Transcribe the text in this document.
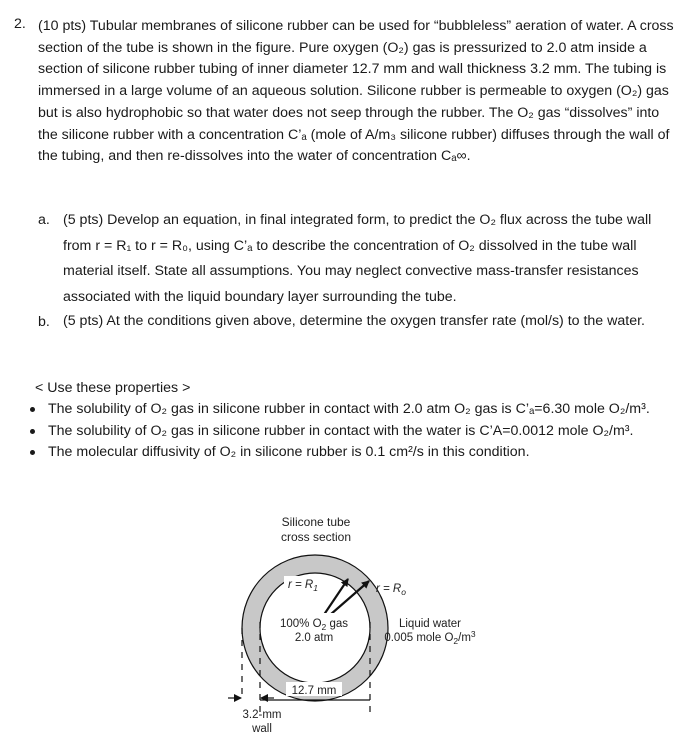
2. (10 pts) Tubular membranes of silicone rubber can be used for “bubbleless” aeration of water. A cross section of the tube is shown in the figure. Pure oxygen (O₂) gas is pressurized to 2.0 atm inside a section of silicone rubber tubing of inner diameter 12.7 mm and wall thickness 3.2 mm. The tubing is immersed in a large volume of an aqueous solution. Silicone rubber is permeable to oxygen (O₂) gas but is also hydrophobic so that water does not seep through the rubber. The O₂ gas “dissolves” into the silicone rubber with a concentration C’ₐ (mole of A/m₃ silicone rubber) diffuses through the wall of the tubing, and then re-dissolves into the water of concentration Cₐ∞.
a. (5 pts) Develop an equation, in final integrated form, to predict the O₂ flux across the tube wall from r = R₁ to r = R₀, using C’ₐ to describe the concentration of O₂ dissolved in the tube wall material itself. State all assumptions. You may neglect convective mass-transfer resistances associated with the liquid boundary layer surrounding the tube.
b. (5 pts) At the conditions given above, determine the oxygen transfer rate (mol/s) to the water.
< Use these properties >
The solubility of O₂ gas in silicone rubber in contact with 2.0 atm O₂ gas is C’ₐ=6.30 mole O₂/m³.
The solubility of O₂ gas in silicone rubber in contact with the water is C’A=0.0012 mole O₂/m³.
The molecular diffusivity of O₂ in silicone rubber is 0.1 cm²/s in this condition.
Silicone tube
cross section
$r = R_1$	$r = R_o$
100% $O_2$ gas
2.0 atm
Liquid water
0.005 mole $O_2/m^3$
12.7 mm
3.2-mm
wall
